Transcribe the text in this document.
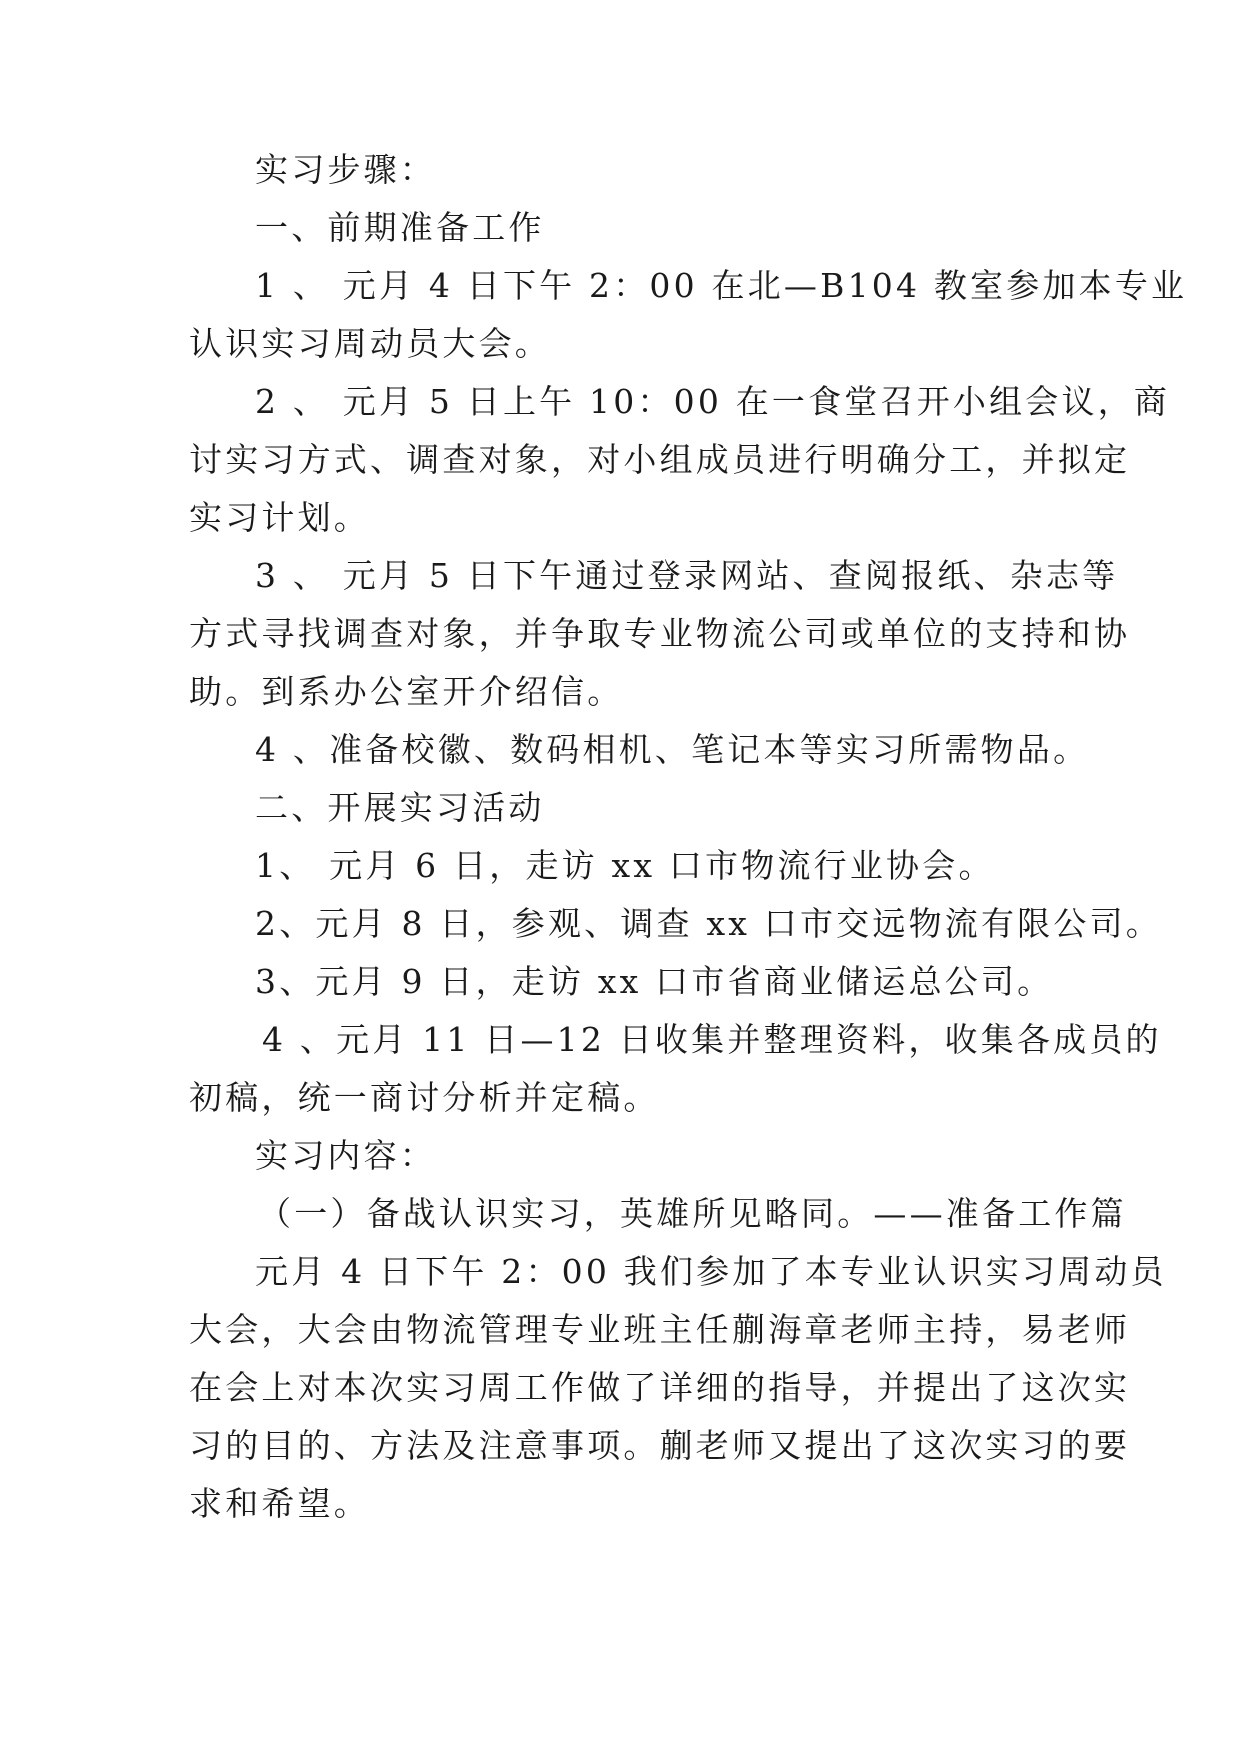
实习步骤：
一、前期准备工作
1 、 元月 4 日下午 2：00 在北—B104 教室参加本专业
认识实习周动员大会。
2 、 元月 5 日上午 10：00 在一食堂召开小组会议，商
讨实习方式、调查对象，对小组成员进行明确分工，并拟定
实习计划。
3 、 元月 5 日下午通过登录网站、查阅报纸、杂志等
方式寻找调查对象，并争取专业物流公司或单位的支持和协
助。到系办公室开介绍信。
4 、准备校徽、数码相机、笔记本等实习所需物品。
二、开展实习活动
1、 元月 6 日，走访 xx 口市物流行业协会。
2、元月 8 日，参观、调查 xx 口市交远物流有限公司。
3、元月 9 日，走访 xx 口市省商业储运总公司。
4 、元月 11 日—12 日收集并整理资料，收集各成员的
初稿，统一商讨分析并定稿。
实习内容：
（一）备战认识实习，英雄所见略同。——准备工作篇
元月 4 日下午 2：00 我们参加了本专业认识实习周动员
大会，大会由物流管理专业班主任蒯海章老师主持，易老师
在会上对本次实习周工作做了详细的指导，并提出了这次实
习的目的、方法及注意事项。蒯老师又提出了这次实习的要
求和希望。
